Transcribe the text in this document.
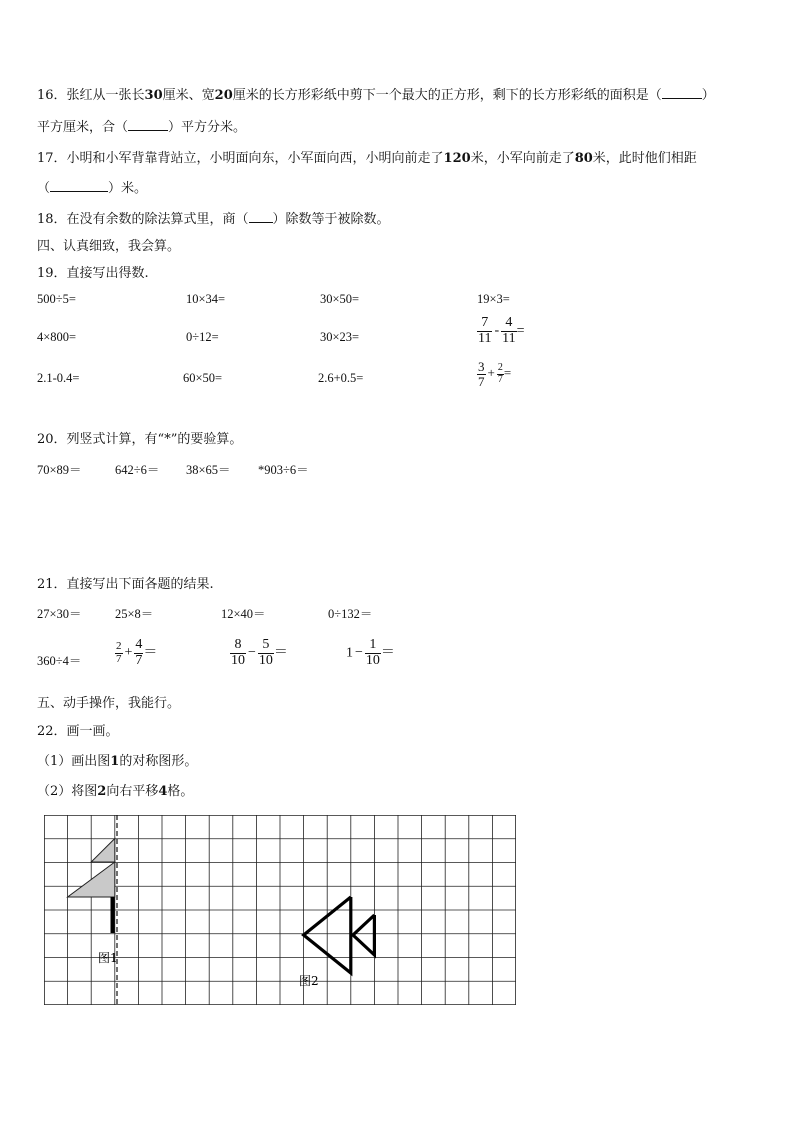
16．张红从一张长30厘米、宽20厘米的长方形彩纸中剪下一个最大的正方形，剩下的长方形彩纸的面积是（	）
平方厘米，合（	）平方分米。
17．小明和小军背靠背站立，小明面向东，小军面向西，小明向前走了120米，小军向前走了80米，此时他们相距
（	）米。
18．在没有余数的除法算式里，商（ ）除数等于被除数。
四、认真细致，我会算。
19．直接写出得数.
500÷5=	10×34=	30×50=	19×3=
4×800=	0÷12=	30×23=	$\frac{7}{11} - \frac{4}{11}$ =
2.1-0.4=	60×50=	2.6+0.5=	$\frac{3}{7} + \frac{2}{7}$ =
20．列竖式计算，有“*”的要验算。
70×89＝	642÷6＝ 38×65＝ *903÷6＝
21．直接写出下面各题的结果.
27×30＝	25×8＝	12×40＝	0÷132＝
360÷4＝	$\frac{2}{7} + \frac{4}{7}$ ＝	$\frac{8}{10} - \frac{5}{10}$ ＝	$1 - \frac{1}{10}$ ＝
五、动手操作，我能行。
22．画一画。
（1）画出图1的对称图形。
（2）将图2向右平移4格。
图1
图2
